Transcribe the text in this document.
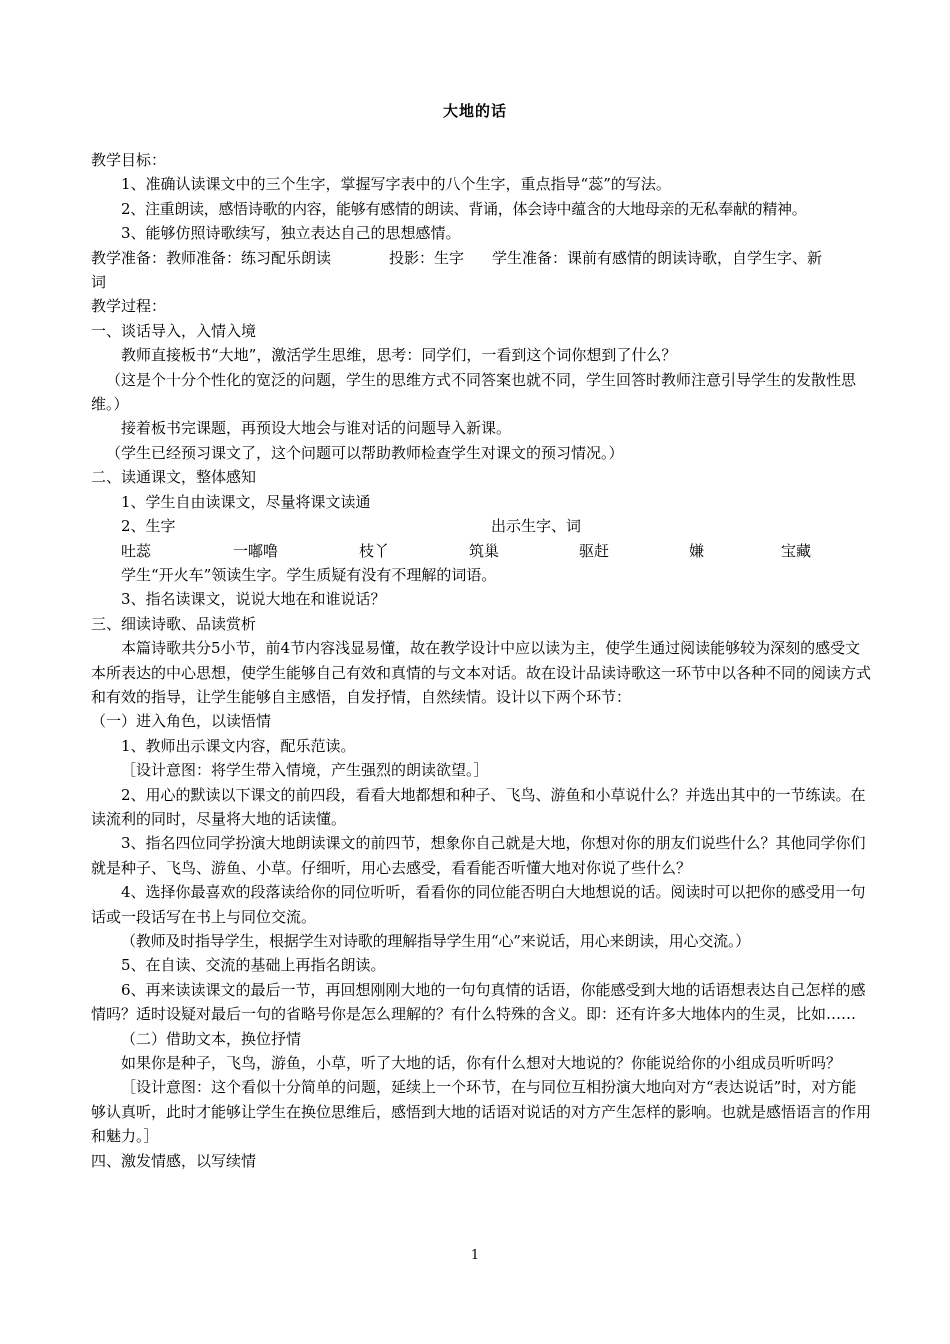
大地的话

教学目标：

1、准确认读课文中的三个生字，掌握写字表中的八个生字，重点指导“蕊”的写法。

2、注重朗读，感悟诗歌的内容，能够有感情的朗读、背诵，体会诗中蕴含的大地母亲的无私奉献的精神。

3、能够仿照诗歌续写，独立表达自己的思想感情。

教学准备：教师准备：练习配乐朗读	投影：生字 学生准备：课前有感情的朗读诗歌，自学生字、新

词

教学过程：

一、谈话导入，入情入境

教师直接板书“大地”，激活学生思维，思考：同学们，一看到这个词你想到了什么？

（这是个十分个性化的宽泛的问题，学生的思维方式不同答案也就不同，学生回答时教师注意引导学生的发散性思维。）

接着板书完课题，再预设大地会与谁对话的问题导入新课。

（学生已经预习课文了，这个问题可以帮助教师检查学生对课文的预习情况。）

二、读通课文，整体感知

1、学生自由读课文，尽量将课文读通

2、生字	出示生字、词
吐蕊	一嘟噜	枝丫	筑巢	驱赶	嫌	宝藏

学生“开火车”领读生字。学生质疑有没有不理解的词语。

3、指名读课文，说说大地在和谁说话？

三、细读诗歌、品读赏析

本篇诗歌共分5小节，前4节内容浅显易懂，故在教学设计中应以读为主，使学生通过阅读能够较为深刻的感受文本所表达的中心思想，使学生能够自己有效和真情的与文本对话。故在设计品读诗歌这一环节中以各种不同的阅读方式和有效的指导，让学生能够自主感悟，自发抒情，自然续情。设计以下两个环节：

（一）进入角色，以读悟情

1、教师出示课文内容，配乐范读。

［设计意图：将学生带入情境，产生强烈的朗读欲望。］

2、用心的默读以下课文的前四段，看看大地都想和种子、飞鸟、游鱼和小草说什么？并选出其中的一节练读。在读流利的同时，尽量将大地的话读懂。

3、指名四位同学扮演大地朗读课文的前四节，想象你自己就是大地，你想对你的朋友们说些什么？其他同学你们就是种子、飞鸟、游鱼、小草。仔细听，用心去感受，看看能否听懂大地对你说了些什么？

4、选择你最喜欢的段落读给你的同位听听，看看你的同位能否明白大地想说的话。阅读时可以把你的感受用一句话或一段话写在书上与同位交流。

（教师及时指导学生，根据学生对诗歌的理解指导学生用“心”来说话，用心来朗读，用心交流。）

5、在自读、交流的基础上再指名朗读。

6、再来读读课文的最后一节，再回想刚刚大地的一句句真情的话语，你能感受到大地的话语想表达自己怎样的感情吗？适时设疑对最后一句的省略号你是怎么理解的？有什么特殊的含义。即：还有许多大地体内的生灵，比如……

（二）借助文本，换位抒情

如果你是种子，飞鸟，游鱼，小草，听了大地的话，你有什么想对大地说的？你能说给你的小组成员听听吗？

［设计意图：这个看似十分简单的问题，延续上一个环节，在与同位互相扮演大地向对方“表达说话”时，对方能够认真听，此时才能够让学生在换位思维后，感悟到大地的话语对说话的对方产生怎样的影响。也就是感悟语言的作用和魅力。］

四、激发情感，以写续情

1
